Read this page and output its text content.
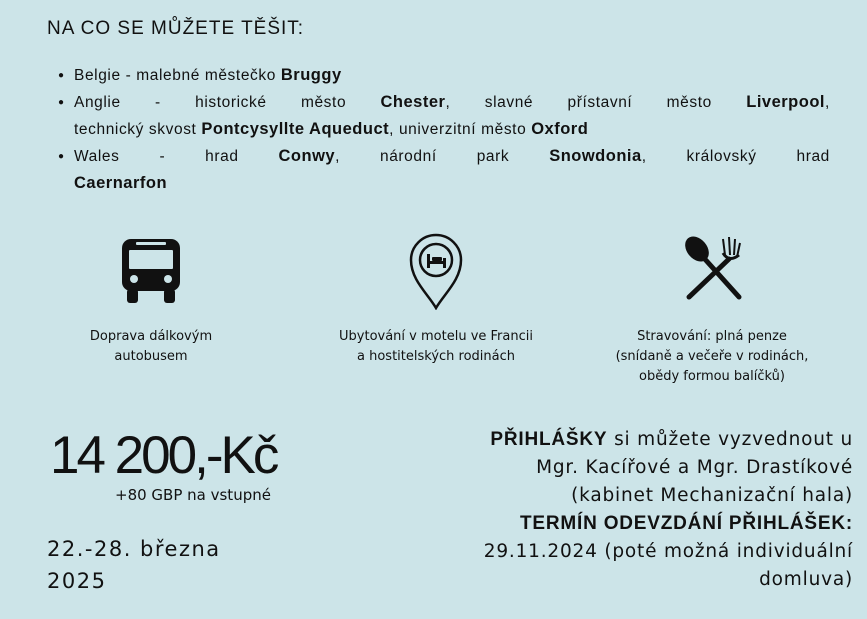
NA CO SE MŮŽETE TĚŠIT:
● Belgie - malebné městečko Bruggy
● Anglie - historické město Chester, slavné přístavní město Liverpool,
technický skvost Pontcysyllte Aqueduct, univerzitní město Oxford
● Wales	-	hrad Conwy,	národní	park Snowdonia,	královský	hrad
Caernarfon
Doprava dálkovým
autobusem
Ubytování v motelu ve Francii
a hostitelských rodinách
Stravování: plná penze
(snídaně a večeře v rodinách,
obědy formou balíčků)
14 200,-Kč
+80 GBP na vstupné
22.-28. března
2025
PŘIHLÁŠKY si můžete vyzvednout u
Mgr. Kacířové a Mgr. Drastíkové
(kabinet Mechanizační hala)
TERMÍN ODEVZDÁNÍ PŘIHLÁŠEK:
29.11.2024 (poté možná individuální
domluva)
